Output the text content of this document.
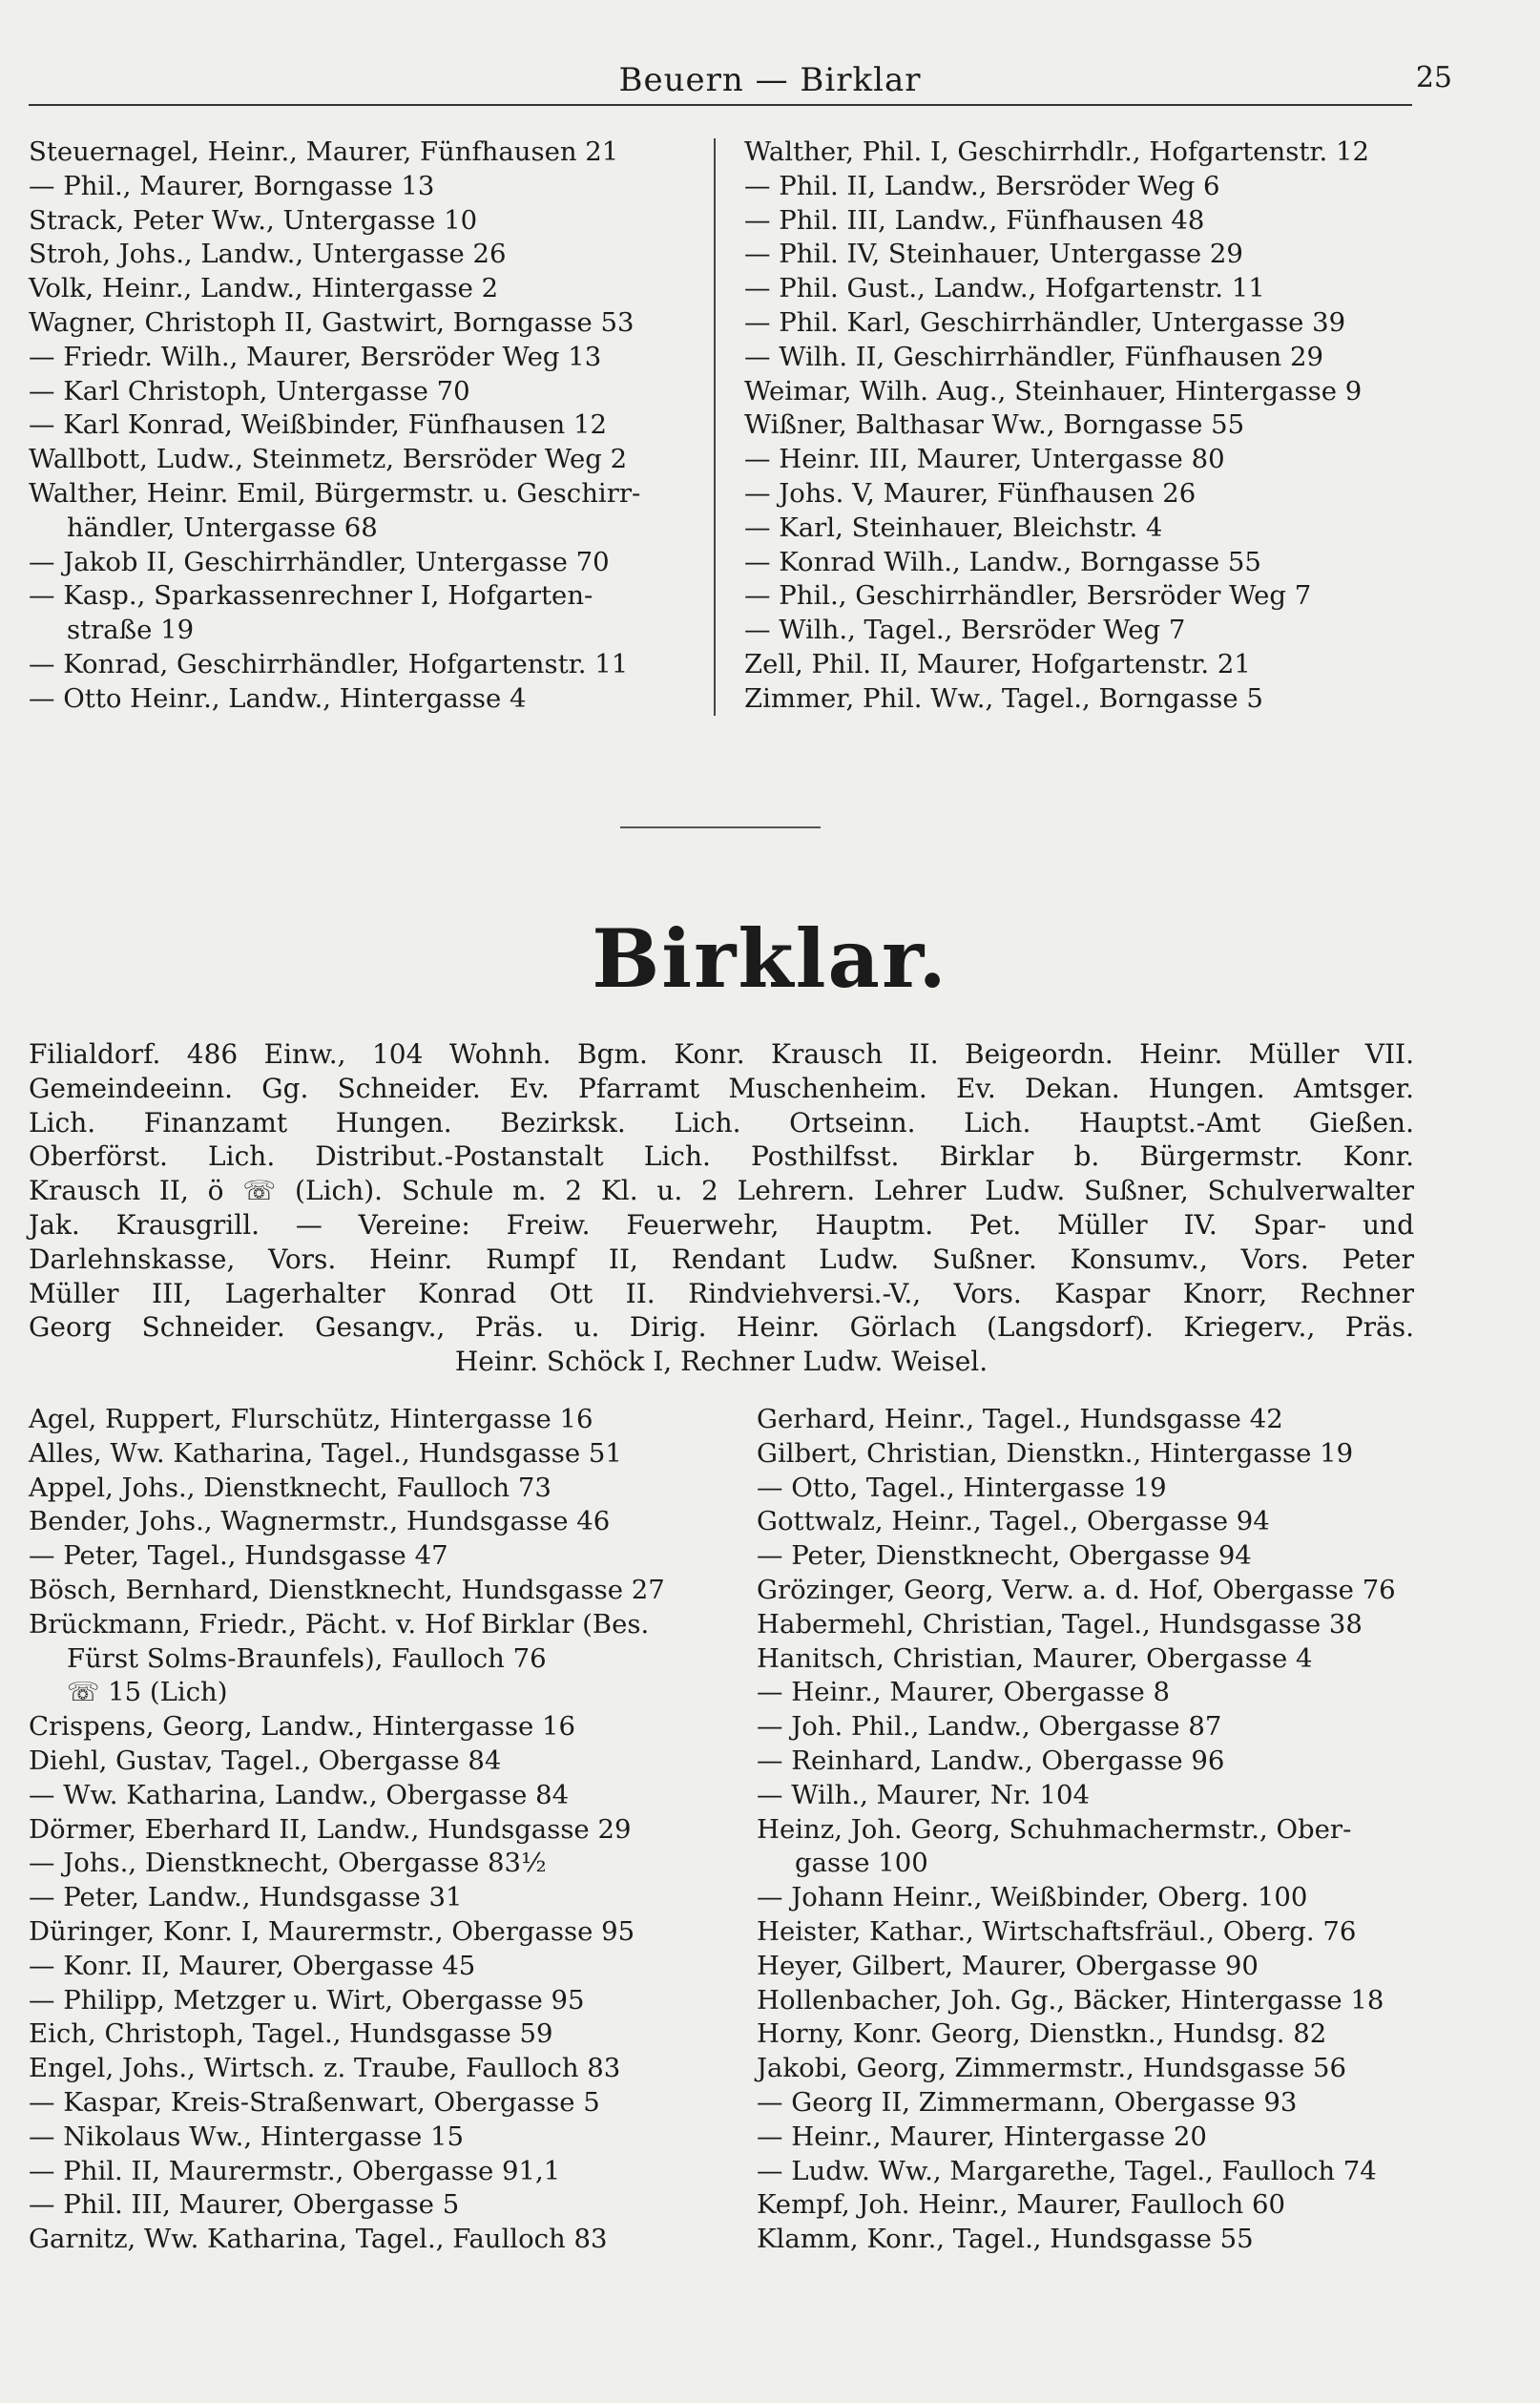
Beuern — Birklar	25
Steuernagel, Heinr., Maurer, Fünfhausen 21
— Phil., Maurer, Borngasse 13
Strack, Peter Ww., Untergasse 10
Stroh, Johs., Landw., Untergasse 26
Volk, Heinr., Landw., Hintergasse 2
Wagner, Christoph II, Gastwirt, Borngasse 53
— Friedr. Wilh., Maurer, Bersröder Weg 13
— Karl Christoph, Untergasse 70
— Karl Konrad, Weißbinder, Fünfhausen 12
Wallbott, Ludw., Steinmetz, Bersröder Weg 2
Walther, Heinr. Emil, Bürgermstr. u. Geschirr-
händler, Untergasse 68
— Jakob II, Geschirrhändler, Untergasse 70
— Kasp., Sparkassenrechner I, Hofgarten-
straße 19
— Konrad, Geschirrhändler, Hofgartenstr. 11
— Otto Heinr., Landw., Hintergasse 4
Walther, Phil. I, Geschirrhdlr., Hofgartenstr. 12
— Phil. II, Landw., Bersröder Weg 6
— Phil. III, Landw., Fünfhausen 48
— Phil. IV, Steinhauer, Untergasse 29
— Phil. Gust., Landw., Hofgartenstr. 11
— Phil. Karl, Geschirrhändler, Untergasse 39
— Wilh. II, Geschirrhändler, Fünfhausen 29
Weimar, Wilh. Aug., Steinhauer, Hintergasse 9
Wißner, Balthasar Ww., Borngasse 55
— Heinr. III, Maurer, Untergasse 80
— Johs. V, Maurer, Fünfhausen 26
— Karl, Steinhauer, Bleichstr. 4
— Konrad Wilh., Landw., Borngasse 55
— Phil., Geschirrhändler, Bersröder Weg 7
— Wilh., Tagel., Bersröder Weg 7
Zell, Phil. II, Maurer, Hofgartenstr. 21
Zimmer, Phil. Ww., Tagel., Borngasse 5
Birklar.
Filialdorf. 486 Einw., 104 Wohnh. Bgm. Konr. Krausch II. Beigeordn. Heinr. Müller VII.
Gemeindeeinn. Gg. Schneider. Ev. Pfarramt Muschenheim. Ev. Dekan. Hungen. Amtsger.
Lich. Finanzamt Hungen. Bezirksk. Lich. Ortseinn. Lich. Hauptst.-Amt Gießen.
Oberförst. Lich. Distribut.-Postanstalt Lich. Posthilfsst. Birklar b. Bürgermstr. Konr.
Krausch II, ö ☏ (Lich). Schule m. 2 Kl. u. 2 Lehrern. Lehrer Ludw. Sußner, Schulverwalter
Jak. Krausgrill. — Vereine: Freiw. Feuerwehr, Hauptm. Pet. Müller IV. Spar- und
Darlehnskasse, Vors. Heinr. Rumpf II, Rendant Ludw. Sußner. Konsumv., Vors. Peter
Müller III, Lagerhalter Konrad Ott II. Rindviehversi.-V., Vors. Kaspar Knorr, Rechner
Georg Schneider. Gesangv., Präs. u. Dirig. Heinr. Görlach (Langsdorf). Kriegerv., Präs.
Heinr. Schöck I, Rechner Ludw. Weisel.
Agel, Ruppert, Flurschütz, Hintergasse 16
Alles, Ww. Katharina, Tagel., Hundsgasse 51
Appel, Johs., Dienstknecht, Faulloch 73
Bender, Johs., Wagnermstr., Hundsgasse 46
— Peter, Tagel., Hundsgasse 47
Bösch, Bernhard, Dienstknecht, Hundsgasse 27
Brückmann, Friedr., Pächt. v. Hof Birklar (Bes.
Fürst Solms-Braunfels), Faulloch 76
☏ 15 (Lich)
Crispens, Georg, Landw., Hintergasse 16
Diehl, Gustav, Tagel., Obergasse 84
— Ww. Katharina, Landw., Obergasse 84
Dörmer, Eberhard II, Landw., Hundsgasse 29
— Johs., Dienstknecht, Obergasse 83½
— Peter, Landw., Hundsgasse 31
Düringer, Konr. I, Maurermstr., Obergasse 95
— Konr. II, Maurer, Obergasse 45
— Philipp, Metzger u. Wirt, Obergasse 95
Eich, Christoph, Tagel., Hundsgasse 59
Engel, Johs., Wirtsch. z. Traube, Faulloch 83
— Kaspar, Kreis-Straßenwart, Obergasse 5
— Nikolaus Ww., Hintergasse 15
— Phil. II, Maurermstr., Obergasse 91,1
— Phil. III, Maurer, Obergasse 5
Garnitz, Ww. Katharina, Tagel., Faulloch 83
Gerhard, Heinr., Tagel., Hundsgasse 42
Gilbert, Christian, Dienstkn., Hintergasse 19
— Otto, Tagel., Hintergasse 19
Gottwalz, Heinr., Tagel., Obergasse 94
— Peter, Dienstknecht, Obergasse 94
Grözinger, Georg, Verw. a. d. Hof, Obergasse 76
Habermehl, Christian, Tagel., Hundsgasse 38
Hanitsch, Christian, Maurer, Obergasse 4
— Heinr., Maurer, Obergasse 8
— Joh. Phil., Landw., Obergasse 87
— Reinhard, Landw., Obergasse 96
— Wilh., Maurer, Nr. 104
Heinz, Joh. Georg, Schuhmachermstr., Ober-
gasse 100
— Johann Heinr., Weißbinder, Oberg. 100
Heister, Kathar., Wirtschaftsfräul., Oberg. 76
Heyer, Gilbert, Maurer, Obergasse 90
Hollenbacher, Joh. Gg., Bäcker, Hintergasse 18
Horny, Konr. Georg, Dienstkn., Hundsg. 82
Jakobi, Georg, Zimmermstr., Hundsgasse 56
— Georg II, Zimmermann, Obergasse 93
— Heinr., Maurer, Hintergasse 20
— Ludw. Ww., Margarethe, Tagel., Faulloch 74
Kempf, Joh. Heinr., Maurer, Faulloch 60
Klamm, Konr., Tagel., Hundsgasse 55
